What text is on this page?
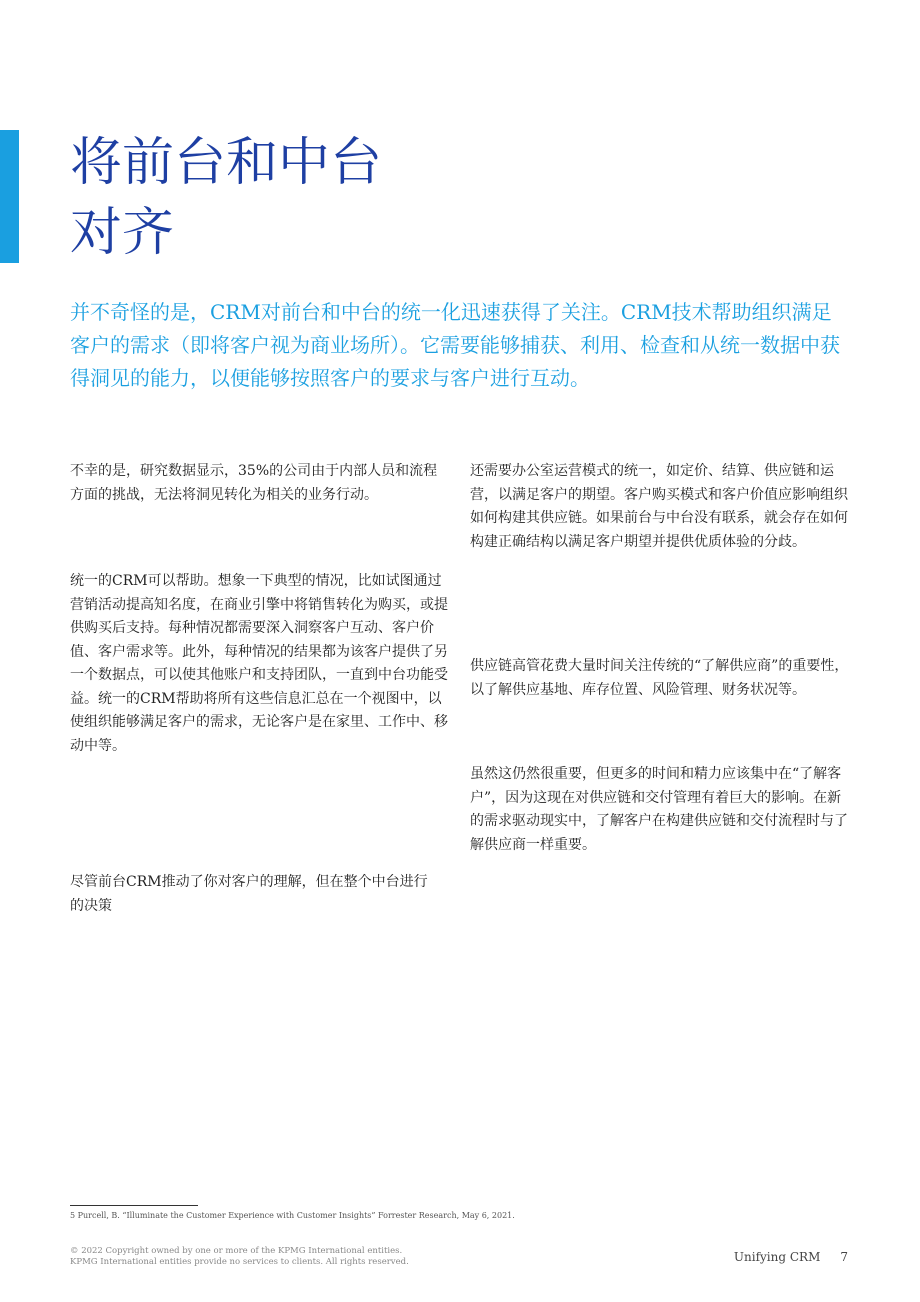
将前台和中台
对齐
并不奇怪的是，CRM对前台和中台的统一化迅速获得了关注。CRM技术帮助组织满足客户的需求（即将客户视为商业场所）。它需要能够捕获、利用、检查和从统一数据中获得洞见的能力，以便能够按照客户的要求与客户进行互动。
不幸的是，研究数据显示，35%的公司由于内部人员和流程方面的挑战，无法将洞见转化为相关的业务行动。
统一的CRM可以帮助。想象一下典型的情况，比如试图通过营销活动提高知名度，在商业引擎中将销售转化为购买，或提供购买后支持。每种情况都需要深入洞察客户互动、客户价值、客户需求等。此外，每种情况的结果都为该客户提供了另一个数据点，可以使其他账户和支持团队，一直到中台功能受益。统一的CRM帮助将所有这些信息汇总在一个视图中，以使组织能够满足客户的需求，无论客户是在家里、工作中、移动中等。
尽管前台CRM推动了你对客户的理解，但在整个中台进行的决策
还需要办公室运营模式的统一，如定价、结算、供应链和运营，以满足客户的期望。客户购买模式和客户价值应影响组织如何构建其供应链。如果前台与中台没有联系，就会存在如何构建正确结构以满足客户期望并提供优质体验的分歧。
供应链高管花费大量时间关注传统的“了解供应商”的重要性，以了解供应基地、库存位置、风险管理、财务状况等。
虽然这仍然很重要，但更多的时间和精力应该集中在“了解客户”，因为这现在对供应链和交付管理有着巨大的影响。在新的需求驱动现实中，了解客户在构建供应链和交付流程时与了解供应商一样重要。
5 Purcell, B. “Illuminate the Customer Experience with Customer Insights” Forrester Research, May 6, 2021.
© 2022 Copyright owned by one or more of the KPMG International entities.
KPMG International entities provide no services to clients. All rights reserved.	Unifying CRM 7
